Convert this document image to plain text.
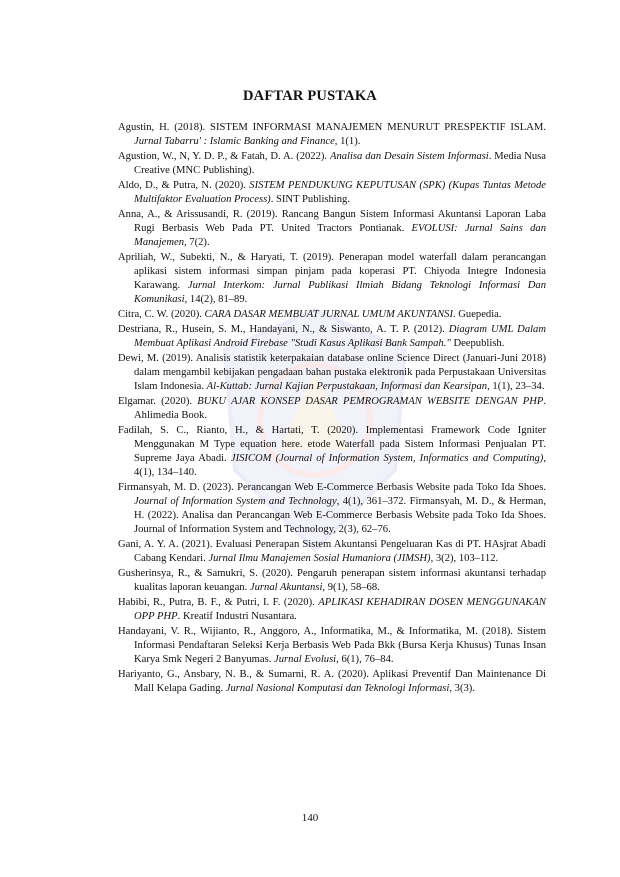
DAFTAR PUSTAKA

Agustin, H. (2018). SISTEM INFORMASI MANAJEMEN MENURUT PRESPEKTIF ISLAM. Jurnal Tabarru' : Islamic Banking and Finance, 1(1).

Agustion, W., N, Y. D. P., & Fatah, D. A. (2022). Analisa dan Desain Sistem Informasi. Media Nusa Creative (MNC Publishing).

Aldo, D., & Putra, N. (2020). SISTEM PENDUKUNG KEPUTUSAN (SPK) (Kupas Tuntas Metode Multifaktor Evaluation Process). SINT Publishing.

Anna, A., & Arissusandi, R. (2019). Rancang Bangun Sistem Informasi Akuntansi Laporan Laba Rugi Berbasis Web Pada PT. United Tractors Pontianak. EVOLUSI: Jurnal Sains dan Manajemen, 7(2).

Apriliah, W., Subekti, N., & Haryati, T. (2019). Penerapan model waterfall dalam perancangan aplikasi sistem informasi simpan pinjam pada koperasi PT. Chiyoda Integre Indonesia Karawang. Jurnal Interkom: Jurnal Publikasi Ilmiah Bidang Teknologi Informasi Dan Komunikasi, 14(2), 81–89.

Citra, C. W. (2020). CARA DASAR MEMBUAT JURNAL UMUM AKUNTANSI. Guepedia.

Destriana, R., Husein, S. M., Handayani, N., & Siswanto, A. T. P. (2012). Diagram UML Dalam Membuat Aplikasi Android Firebase "Studi Kasus Aplikasi Bank Sampah." Deepublish.

Dewi, M. (2019). Analisis statistik keterpakaian database online Science Direct (Januari-Juni 2018) dalam mengambil kebijakan pengadaan bahan pustaka elektronik pada Perpustakaan Universitas Islam Indonesia. Al-Kuttab: Jurnal Kajian Perpustakaan, Informasi dan Kearsipan, 1(1), 23–34.

Elgamar. (2020). BUKU AJAR KONSEP DASAR PEMROGRAMAN WEBSITE DENGAN PHP. Ahlimedia Book.

Fadilah, S. C., Rianto, H., & Hartati, T. (2020). Implementasi Framework Code Igniter Menggunakan M Type equation here. etode Waterfall pada Sistem Informasi Penjualan PT. Supreme Jaya Abadi. JISICOM (Journal of Information System, Informatics and Computing), 4(1), 134–140.

Firmansyah, M. D. (2023). Perancangan Web E-Commerce Berbasis Website pada Toko Ida Shoes. Journal of Information System and Technology, 4(1), 361–372. Firmansyah, M. D., & Herman, H. (2022). Analisa dan Perancangan Web E-Commerce Berbasis Website pada Toko Ida Shoes. Journal of Information System and Technology, 2(3), 62–76.

Gani, A. Y. A. (2021). Evaluasi Penerapan Sistem Akuntansi Pengeluaran Kas di PT. HAsjrat Abadi Cabang Kendari. Jurnal Ilmu Manajemen Sosial Humaniora (JIMSH), 3(2), 103–112.

Gusherinsya, R., & Samukri, S. (2020). Pengaruh penerapan sistem informasi akuntansi terhadap kualitas laporan keuangan. Jurnal Akuntansi, 9(1), 58–68.

Habibi, R., Putra, B. F., & Putri, I. F. (2020). APLIKASI KEHADIRAN DOSEN MENGGUNAKAN OPP PHP. Kreatif Industri Nusantara.

Handayani, V. R., Wijianto, R., Anggoro, A., Informatika, M., & Informatika, M. (2018). Sistem Informasi Pendaftaran Seleksi Kerja Berbasis Web Pada Bkk (Bursa Kerja Khusus) Tunas Insan Karya Smk Negeri 2 Banyumas. Jurnal Evolusi, 6(1), 76–84.

Hariyanto, G., Ansbary, N. B., & Sumarni, R. A. (2020). Aplikasi Preventif Dan Maintenance Di Mall Kelapa Gading. Jurnal Nasional Komputasi dan Teknologi Informasi, 3(3).

140
